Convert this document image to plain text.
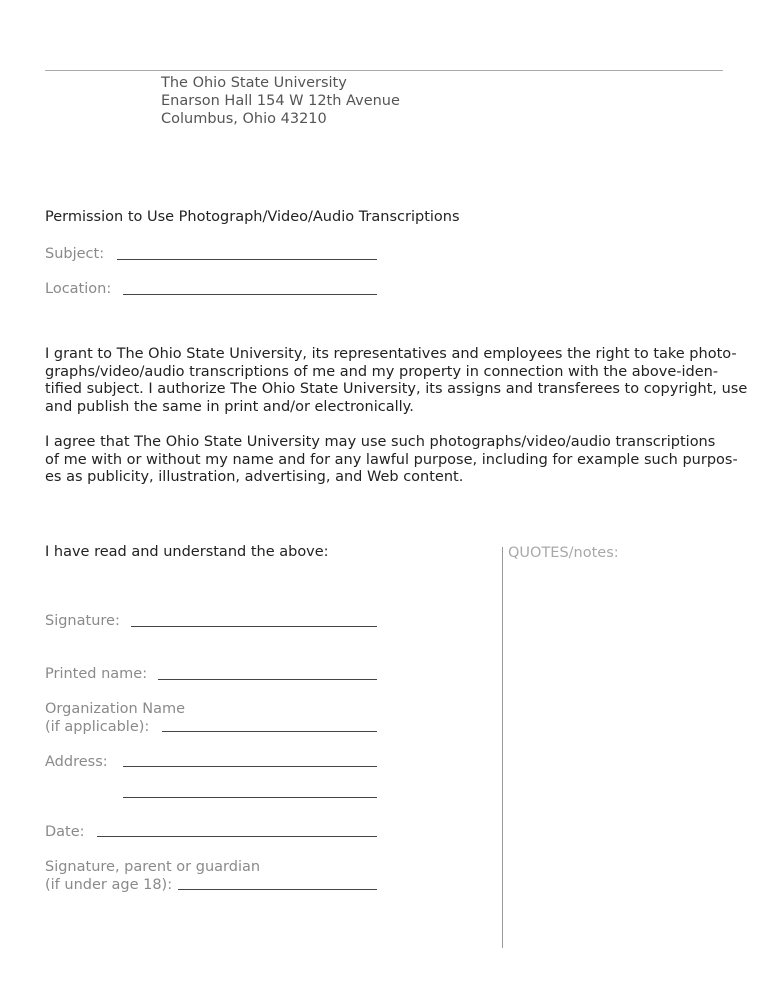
The Ohio State University
Enarson Hall 154 W 12th Avenue
Columbus, Ohio 43210
Permission to Use Photograph/Video/Audio Transcriptions
Subject:
Location:
I grant to The Ohio State University, its representatives and employees the right to take photo-
graphs/video/audio transcriptions of me and my property in connection with the above-iden-
tified subject. I authorize The Ohio State University, its assigns and transferees to copyright, use
and publish the same in print and/or electronically.
I agree that The Ohio State University may use such photographs/video/audio transcriptions
of me with or without my name and for any lawful purpose, including for example such purpos-
es as publicity, illustration, advertising, and Web content.
I have read and understand the above:	QUOTES/notes:
Signature:
Printed name:
Organization Name
(if applicable):
Address:
Date:
Signature, parent or guardian
(if under age 18):
